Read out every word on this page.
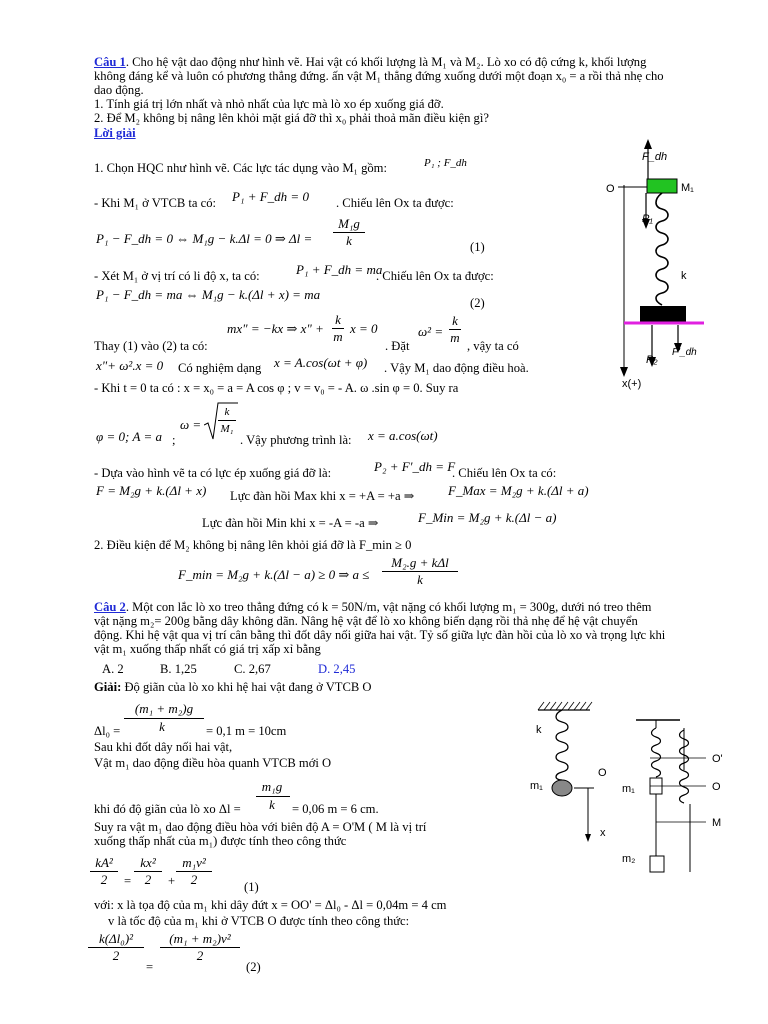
Câu 1. Cho hệ vật dao động như hình vẽ. Hai vật có khối lượng là M₁ và M₂. Lò xo có độ cứng k, khối lượng
không đáng kể và luôn có phương thẳng đứng. ấn vật M₁ thẳng đứng xuống dưới một đoạn x₀ = a rồi thả nhẹ cho
dao động.
1. Tính giá trị lớn nhất và nhỏ nhất của lực mà lò xo ép xuống giá đỡ.
2. Để M₂ không bị nâng lên khỏi mặt giá đỡ thì x₀ phải thoả mãn điều kiện gì?
Lời giải
1. Chọn HQC như hình vẽ. Các lực tác dụng vào M₁ gồm:	P₁ ; F_dh
- Khi M₁ ở VTCB ta có: P₁ + F_dh = 0 . Chiếu lên Ox ta được:
P₁ − F_dh = 0 ⇔ M₁g − k.Δl = 0 ⇒ Δl =
M₁g
k	(1)
- Xét M₁ ở vị trí có li độ x, ta có:	P₁ + F_dh = ma
. Chiếu lên Ox ta được:
P₁ − F_dh = ma ⇔ M₁g − k.(Δl + x) = ma
(2)
mx" = −kx ⇒ x" +
k
m
x = 0
Thay (1) vào (2) ta có:	. Đặt
ω² =
k
m
, vậy ta có
x"+ ω².x = 0 Có nghiệm dạng x = A.cos(ωt + φ) . Vậy M₁ dao động điều hoà.
- Khi t = 0 ta có : x = x₀ = a = A cos φ ; v = v₀ = - A. ω .sin φ = 0. Suy ra
φ = 0; A = a ;
ω =
k
M₁
. Vậy phương trình là: x = a.cos(ωt)
- Dựa vào hình vẽ ta có lực ép xuống giá đỡ là:	P₂ + F'_dh = F
. Chiếu lên Ox ta có:
F = M₂g + k.(Δl + x) Lực đàn hồi Max khi x = +A = +a ⇒	F_Max = M₂g + k.(Δl + a)
Lực đàn hồi Min khi x = -A = -a ⇒	F_Min = M₂g + k.(Δl − a)
2. Điều kiện để M₂ không bị nâng lên khỏi giá đỡ là F_min ≥ 0
F_min = M₂g + k.(Δl − a) ≥ 0 ⇒ a ≤
M₂.g + kΔl
k
F_dh
O	M₁
P₁
k
P₂
F'_dh
x(+)
Câu 2. Một con lắc lò xo treo thẳng đứng có k = 50N/m, vật nặng có khối lượng m₁ = 300g, dưới nó treo thêm
vật nặng m₂= 200g bằng dây không dãn. Nâng hệ vật để lò xo không biến dạng rồi thả nhẹ để hệ vật chuyển
động. Khi hệ vật qua vị trí cân bằng thì đốt dây nối giữa hai vật. Tỷ số giữa lực đàn hồi của lò xo và trọng lực khi
vật m₁ xuống thấp nhất có giá trị xấp xỉ bằng
A. 2	B. 1,25	C. 2,67	D. 2,45
Giải: Độ giãn của lò xo khi hệ hai vật đang ở VTCB O
(m₁ + m₂)g
Δl₀ =	k	= 0,1 m = 10cm
Sau khi đốt dây nối hai vật,
Vật m₁ dao động điều hòa quanh VTCB mới O
m₁g
khi đó độ giãn của lò xo Δl = k = 0,06 m = 6 cm.
Suy ra vật m₁ dao động điều hòa với biên độ A = O'M ( M là vị trí
xuống thấp nhất của m₁) được tính theo công thức
kA²
2	=
kx²
2	+
m₁v²
2	(1)
với: x là tọa độ của m₁ khi dây đứt x = OO' = Δl₀ - Δl = 0,04m = 4 cm
v là tốc độ của m₁ khi ở VTCB O được tính theo công thức:
k(Δl₀)²
2
=
(m₁ + m₂)v²
2
(2)
k
m₁
O
x
m₁
m₂
O'
O
M
